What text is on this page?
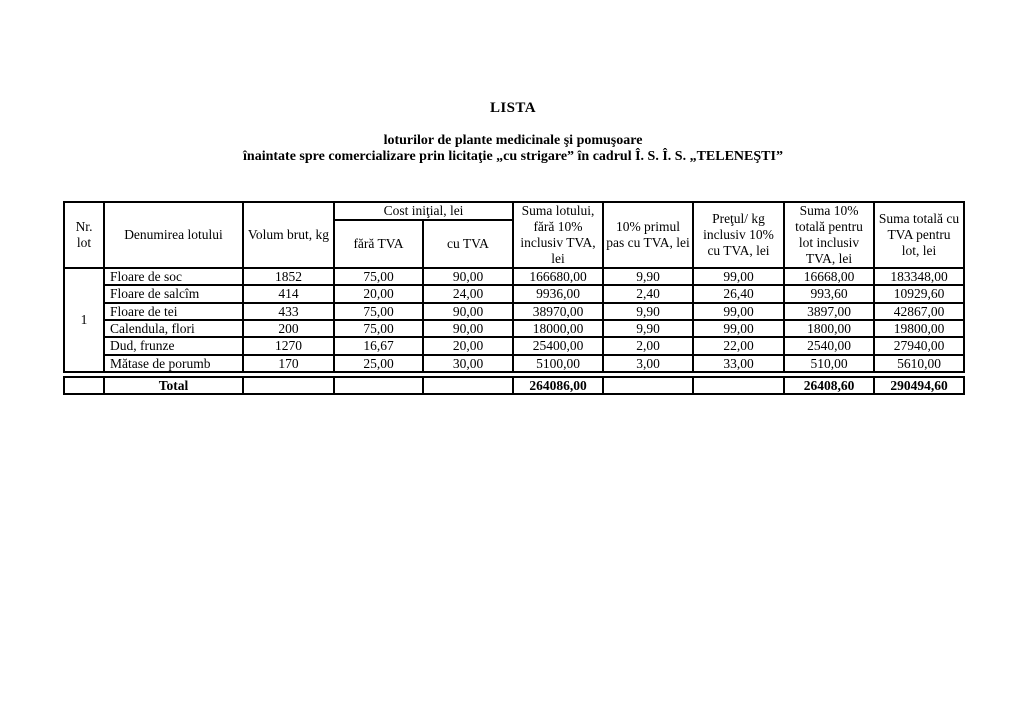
LISTA
loturilor de plante medicinale şi pomuşoare
înaintate spre comercializare prin licitaţie „cu strigare” în cadrul Î. S. Î. S. „TELENEŞTI”
Nr. lot	Denumirea lotului	Volum brut, kg	Cost iniţial, lei		Suma lotului, fără 10% inclusiv TVA, lei	10% primul pas cu TVA, lei	Preţul/ kg inclusiv 10% cu TVA, lei	Suma 10% totală pentru lot inclusiv TVA, lei	Suma totală cu TVA pentru lot, lei
			fără TVA	cu TVA					
1	Floare de soc	1852	75,00	90,00	166680,00	9,90	99,00	16668,00	183348,00
	Floare de salcîm	414	20,00	24,00	9936,00	2,40	26,40	993,60	10929,60
	Floare de tei	433	75,00	90,00	38970,00	9,90	99,00	3897,00	42867,00
	Calendula, flori	200	75,00	90,00	18000,00	9,90	99,00	1800,00	19800,00
	Dud, frunze	1270	16,67	20,00	25400,00	2,00	22,00	2540,00	27940,00
	Mătase de porumb	170	25,00	30,00	5100,00	3,00	33,00	510,00	5610,00
	Total				264086,00			26408,60	290494,60
